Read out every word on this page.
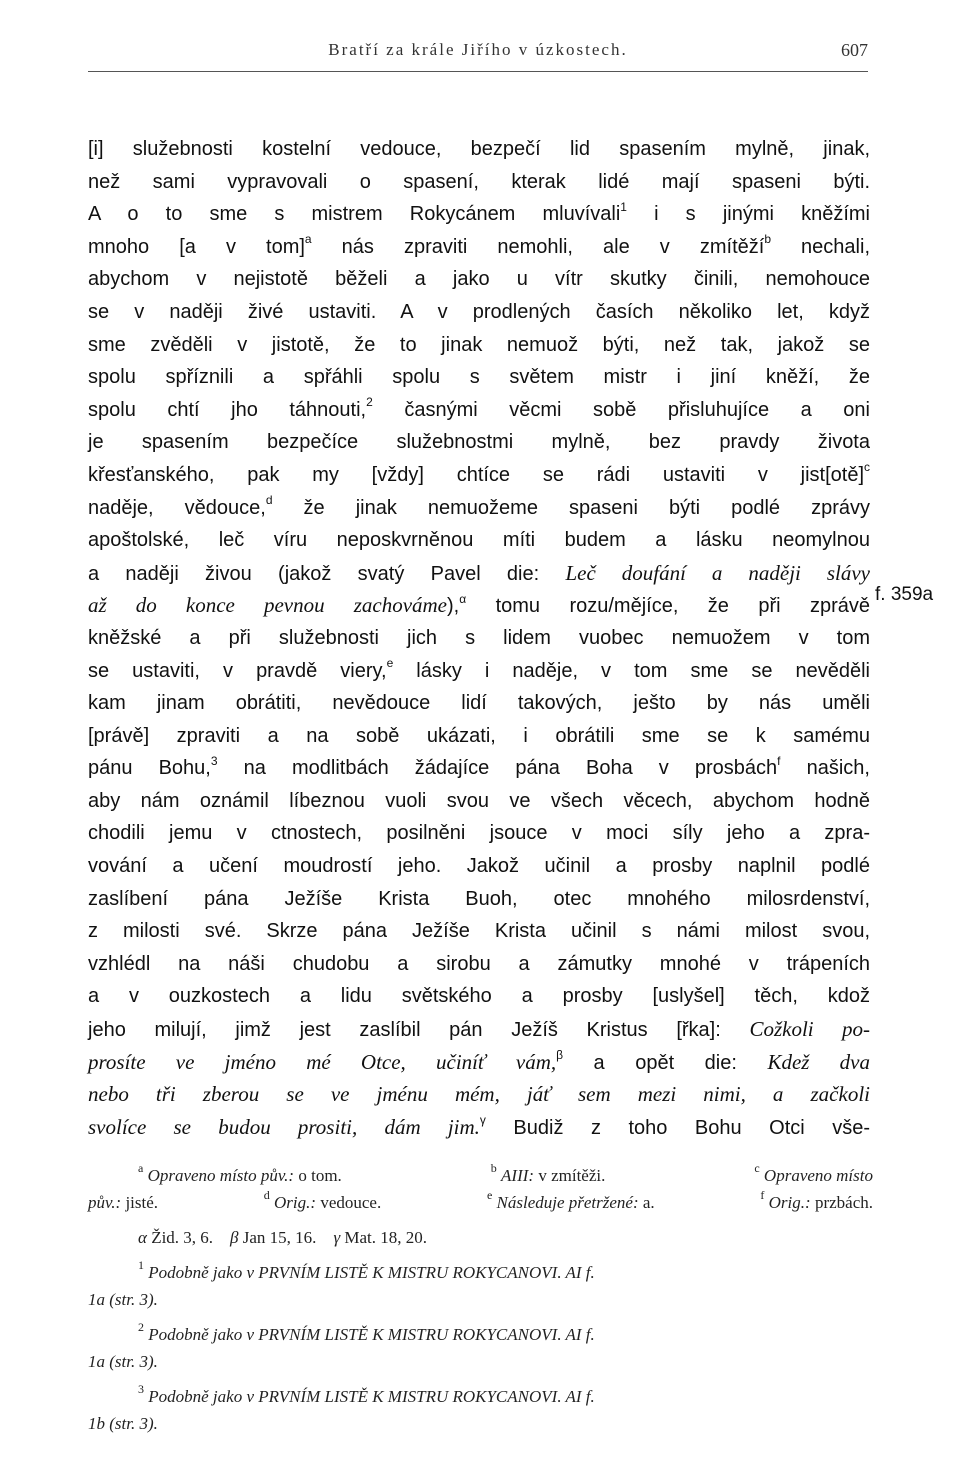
Bratří za krále Jiřího v úzkostech.	607
f. 359a
[i] služebnosti kostelní vedouce, bezpečí lid spasením mylně, jinak,
než sami vypravovali o spasení, kterak lidé mají spaseni býti.
A o to sme s mistrem Rokycánem mluvívali$^1$ i s jinými kněžími
mnoho [a v tom]$^a$ nás zpraviti nemohli, ale v zmítěží$^b$ nechali,
abychom v nejistotě běželi a jako u vítr skutky činili, nemohouce
se v naději živé ustaviti. A v prodlených časích několiko let, když
sme zvěděli v jistotě, že to jinak nemuož býti, než tak, jakož se
spolu spříznili a spřáhli spolu s světem mistr i jiní kněží, že
spolu chtí jho táhnouti,$^2$ časnými věcmi sobě přisluhujíce a oni
je spasením bezpečíce služebnostmi mylně, bez pravdy života
křesťanského, pak my [vždy] chtíce se rádi ustaviti v jist[otě]$^c$
naděje, vědouce,$^d$ že jinak nemuožeme spaseni býti podlé zprávy
apoštolské, leč víru neposkvrněnou míti budem a lásku neomylnou
a naději živou (jakož svatý Pavel die: Leč doufání a naději slávy
až do konce pevnou zachováme),$^\alpha$ tomu rozu/mějíce, že při zprávě
kněžské a při služebnosti jich s lidem vuobec nemuožem v tom
se ustaviti, v pravdě viery,$^e$ lásky i naděje, v tom sme se nevěděli
kam jinam obrátiti, nevědouce lidí takových, ješto by nás uměli
[právě] zpraviti a na sobě ukázati, i obrátili sme se k samému
pánu Bohu,$^3$ na modlitbách žádajíce pána Boha v prosbách$^f$ našich,
aby nám oznámil líbeznou vuoli svou ve všech věcech, abychom hodně
chodili jemu v ctnostech, posilněni jsouce v moci síly jeho a zpra-
vování a učení moudrostí jeho. Jakož učinil a prosby naplnil podlé
zaslíbení pána Ježíše Krista Buoh, otec mnohého milosrdenství,
z milosti své. Skrze pána Ježíše Krista učinil s námi milost svou,
vzhlédl na náši chudobu a sirobu a zámutky mnohé v trápeních
a v ouzkostech a lidu světského a prosby [uslyšel] těch, kdož
jeho milují, jimž jest zaslíbil pán Ježíš Kristus [řka]: Cožkoli po-
prosíte ve jméno mé Otce, učiníť vám,$^\beta$ a opět die: Kdež dva
nebo tři zberou se ve jménu mém, jáť sem mezi nimi, a začkoli
svolíce se budou prositi, dám jim.$^\gamma$ Budiž z toho Bohu Otci vše-
$^a$ Opraveno místo pův.: o tom.	$^b$ AIII: v zmítěži.	$^c$ Opraveno místo
pův.: jisté.	$^d$ Orig.: vedouce.	$^e$ Následuje přetržené: a.	$^f$ Orig.: przbách.
α Žid. 3, 6. β Jan 15, 16. γ Mat. 18, 20.
$^1$ Podobně jako v PRVNÍM LISTĚ K MISTRU ROKYCANOVI. AI f.
1a (str. 3).
$^2$ Podobně jako v PRVNÍM LISTĚ K MISTRU ROKYCANOVI. AI f.
1a (str. 3).
$^3$ Podobně jako v PRVNÍM LISTĚ K MISTRU ROKYCANOVI. AI f.
1b (str. 3).
